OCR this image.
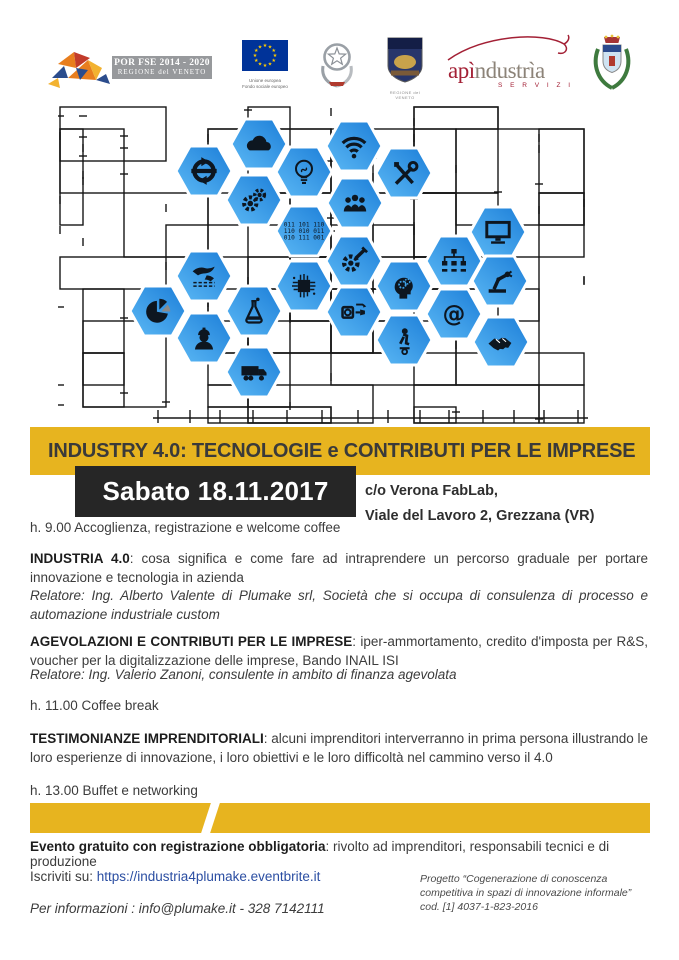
POR FSE 2014 - 2020
REGIONE del VENETO
★ ★
★
★
★
★
★
★
★
★
★
★
Unione europea
Fondo sociale europeo
REGIONE del VENETO
apìndustrìa
S E R V I Z I
011 101 110
110 010 011
010 111 001
@
INDUSTRY 4.0: TECNOLOGIE e CONTRIBUTI PER LE IMPRESE
Sabato 18.11.2017	c/o Verona FabLab,
Viale del Lavoro 2, Grezzana (VR)

h. 9.00 Accoglienza, registrazione e welcome coffee

INDUSTRIA 4.0: cosa significa e come fare ad intraprendere un percorso graduale per portare innovazione e tecnologia in azienda

Relatore: Ing. Alberto Valente di Plumake srl, Società che si occupa di consulenza di processo e automazione industriale custom

AGEVOLAZIONI E CONTRIBUTI PER LE IMPRESE: iper-ammortamento, credito d'imposta per R&S, voucher per la digitalizzazione delle imprese, Bando INAIL ISI

Relatore: Ing. Valerio Zanoni, consulente in ambito di finanza agevolata

h. 11.00 Coffee break

TESTIMONIANZE IMPRENDITORIALI: alcuni imprenditori interverranno in prima persona illustrando le loro esperienze di innovazione, i loro obiettivi e le loro difficoltà nel cammino verso il 4.0

h. 13.00 Buffet e networking

Evento gratuito con registrazione obbligatoria: rivolto ad imprenditori, responsabili tecnici e di produzione

Iscriviti su: https://industria4plumake.eventbrite.it

Per informazioni : info@plumake.it - 328 7142111

Progetto “Cogenerazione di conoscenza
competitiva in spazi di innovazione informale”
cod. [1] 4037-1-823-2016
